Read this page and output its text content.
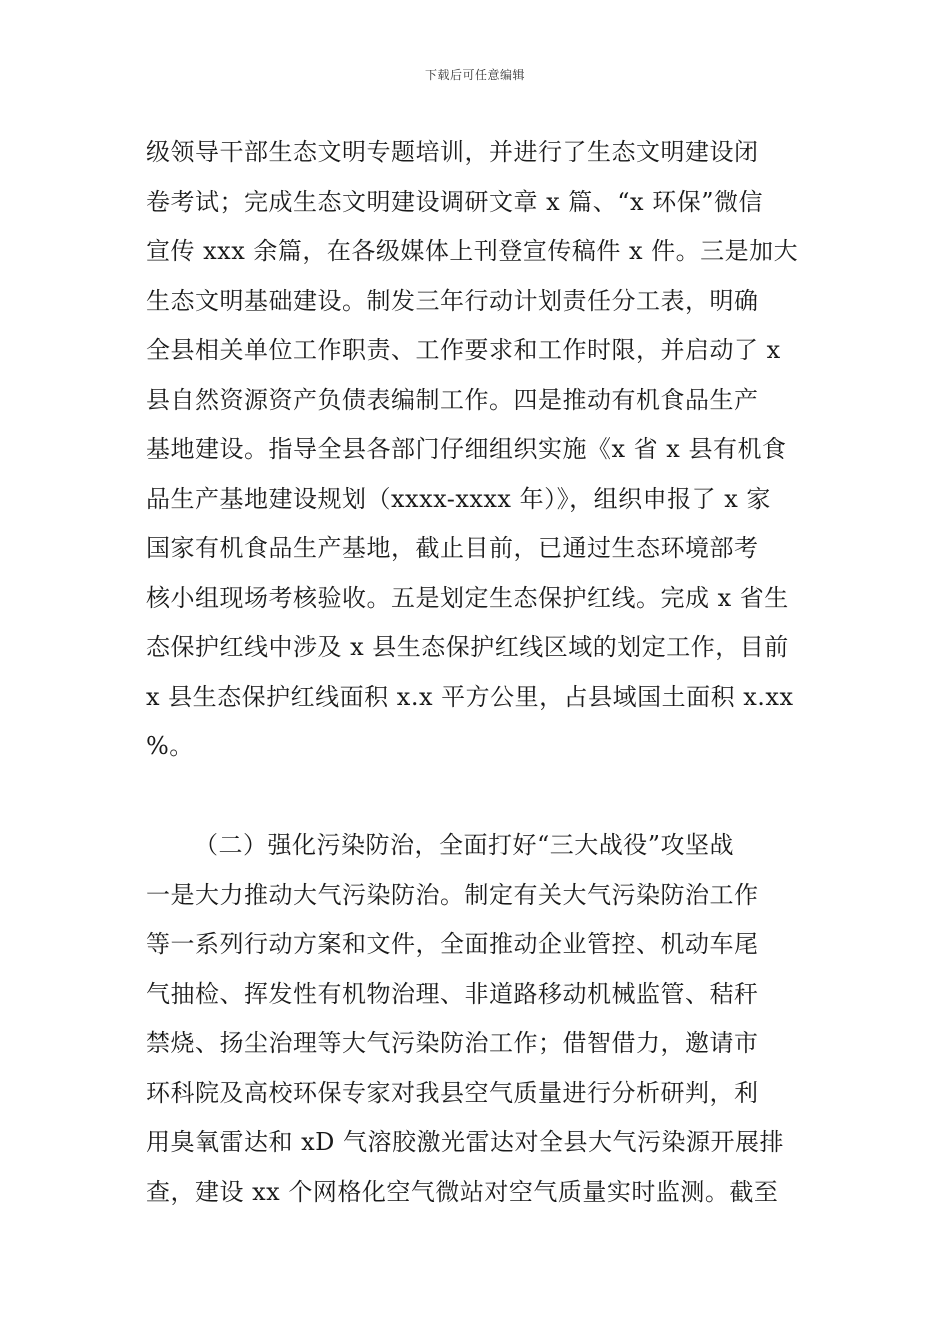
下载后可任意编辑
级领导干部生态文明专题培训，并进行了生态文明建设闭
卷考试；完成生态文明建设调研文章 x 篇、“x 环保”微信
宣传 xxx 余篇，在各级媒体上刊登宣传稿件 x 件。三是加大
生态文明基础建设。制发三年行动计划责任分工表，明确
全县相关单位工作职责、工作要求和工作时限，并启动了 x
县自然资源资产负债表编制工作。四是推动有机食品生产
基地建设。指导全县各部门仔细组织实施《x 省 x 县有机食
品生产基地建设规划（xxxx-xxxx 年）》，组织申报了 x 家
国家有机食品生产基地，截止目前，已通过生态环境部考
核小组现场考核验收。五是划定生态保护红线。完成 x 省生
态保护红线中涉及 x 县生态保护红线区域的划定工作，目前
x 县生态保护红线面积 x.x 平方公里，占县域国土面积 x.xx
%。
（二）强化污染防治，全面打好“三大战役”攻坚战
一是大力推动大气污染防治。制定有关大气污染防治工作
等一系列行动方案和文件，全面推动企业管控、机动车尾
气抽检、挥发性有机物治理、非道路移动机械监管、秸秆
禁烧、扬尘治理等大气污染防治工作；借智借力，邀请市
环科院及高校环保专家对我县空气质量进行分析研判，利
用臭氧雷达和 xD 气溶胶激光雷达对全县大气污染源开展排
查，建设 xx 个网格化空气微站对空气质量实时监测。截至
